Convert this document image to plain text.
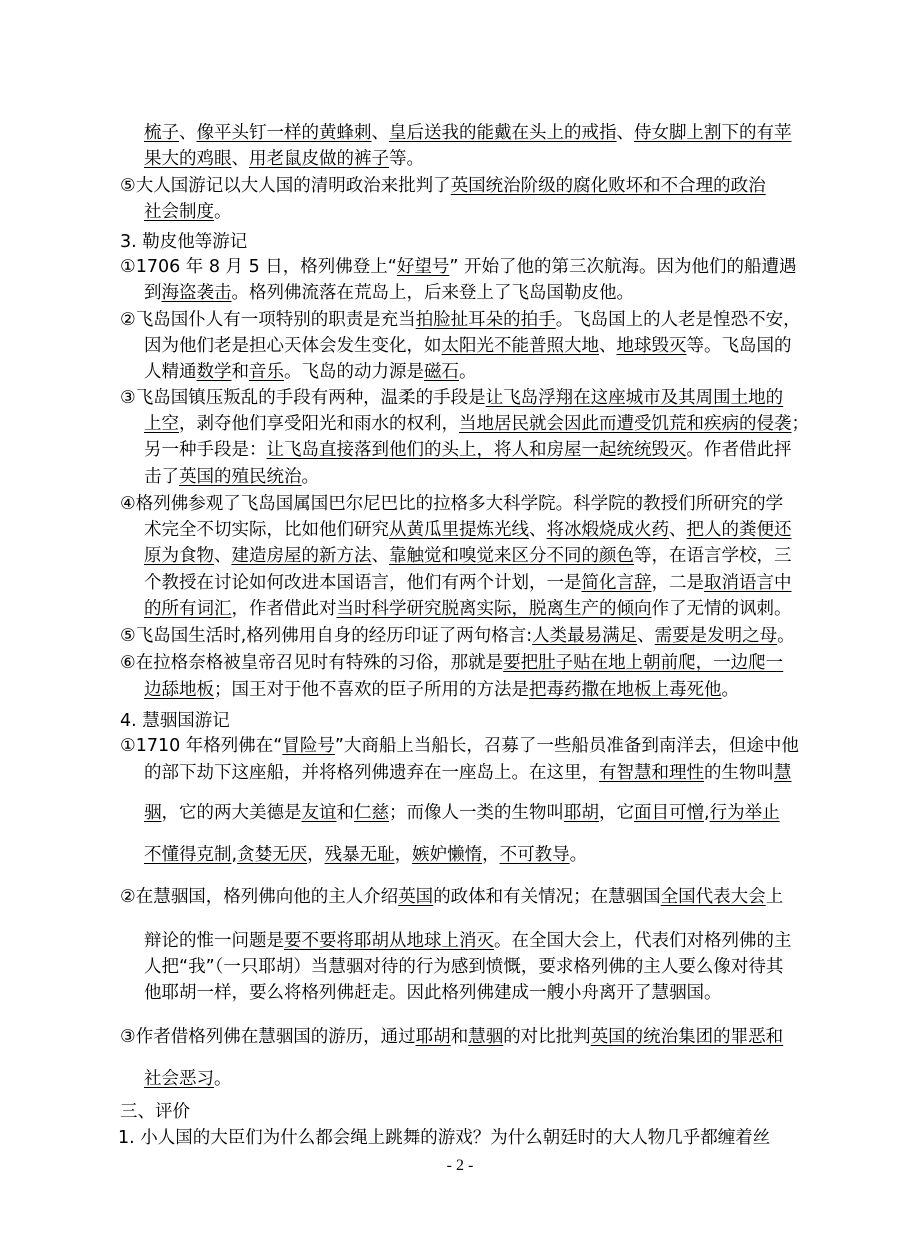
梳子、像平头钉一样的黄蜂刺、皇后送我的能戴在头上的戒指、侍女脚上割下的有苹
果大的鸡眼、用老鼠皮做的裤子等。
⑤大人国游记以大人国的清明政治来批判了英国统治阶级的腐化败坏和不合理的政治
社会制度。
3. 勒皮他等游记
①1706 年 8 月 5 日，格列佛登上“好望号” 开始了他的第三次航海。因为他们的船遭遇
到海盗袭击。格列佛流落在荒岛上，后来登上了飞岛国勒皮他。
②飞岛国仆人有一项特别的职责是充当拍脸扯耳朵的拍手。飞岛国上的人老是惶恐不安，
因为他们老是担心天体会发生变化，如太阳光不能普照大地、地球毁灭等。飞岛国的
人精通数学和音乐。飞岛的动力源是磁石。
③飞岛国镇压叛乱的手段有两种，温柔的手段是让飞岛浮翔在这座城市及其周围土地的
上空，剥夺他们享受阳光和雨水的权利，当地居民就会因此而遭受饥荒和疾病的侵袭；
另一种手段是：让飞岛直接落到他们的头上，将人和房屋一起统统毁灭。作者借此抨
击了英国的殖民统治。
④格列佛参观了飞岛国属国巴尔尼巴比的拉格多大科学院。科学院的教授们所研究的学
术完全不切实际，比如他们研究从黄瓜里提炼光线、将冰煅烧成火药、把人的粪便还
原为食物、建造房屋的新方法、靠触觉和嗅觉来区分不同的颜色等，在语言学校，三
个教授在讨论如何改进本国语言，他们有两个计划，一是简化言辞，二是取消语言中
的所有词汇，作者借此对当时科学研究脱离实际，脱离生产的倾向作了无情的讽刺。
⑤飞岛国生活时,格列佛用自身的经历印证了两句格言:人类最易满足、需要是发明之母。
⑥在拉格奈格被皇帝召见时有特殊的习俗，那就是要把肚子贴在地上朝前爬，一边爬一
边舔地板；国王对于他不喜欢的臣子所用的方法是把毒药撒在地板上毒死他。
4. 慧骃国游记
①1710 年格列佛在“冒险号”大商船上当船长，召募了一些船员准备到南洋去，但途中他
的部下劫下这座船，并将格列佛遗弃在一座岛上。在这里，有智慧和理性的生物叫慧
骃，它的两大美德是友谊和仁慈；而像人一类的生物叫耶胡，它面目可憎,行为举止
不懂得克制,贪婪无厌，残暴无耻，嫉妒懒惰，不可教导。
②在慧骃国，格列佛向他的主人介绍英国的政体和有关情况；在慧骃国全国代表大会上
辩论的惟一问题是要不要将耶胡从地球上消灭。在全国大会上，代表们对格列佛的主
人把“我”（一只耶胡）当慧骃对待的行为感到愤慨，要求格列佛的主人要么像对待其
他耶胡一样，要么将格列佛赶走。因此格列佛建成一艘小舟离开了慧骃国。
③作者借格列佛在慧骃国的游历，通过耶胡和慧骃的对比批判英国的统治集团的罪恶和
社会恶习。
三、评价
1. 小人国的大臣们为什么都会绳上跳舞的游戏？为什么朝廷时的大人物几乎都缠着丝
- 2 -
